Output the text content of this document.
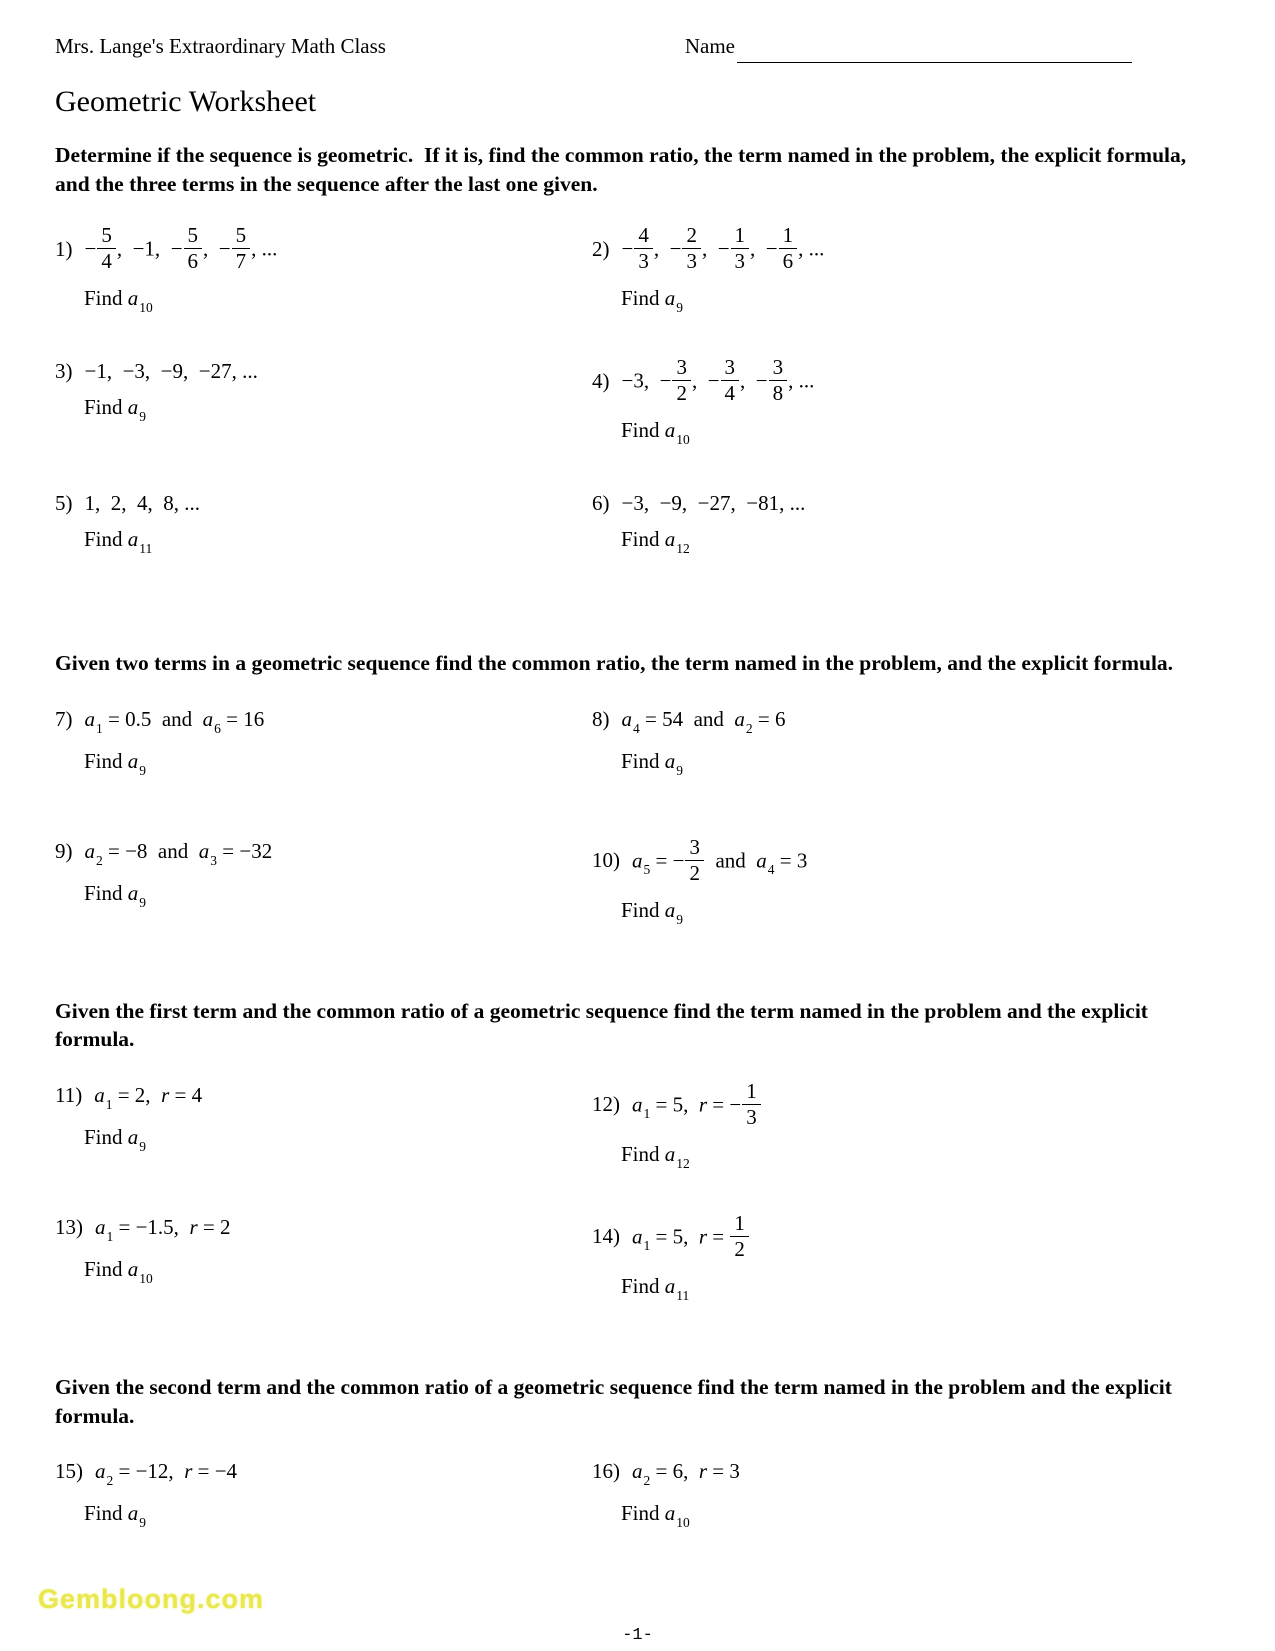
Mrs. Lange's Extraordinary Math Class	Name
Geometric Worksheet
Determine if the sequence is geometric.  If it is, find the common ratio, the term named in the problem, the explicit formula, and the three terms in the sequence after the last one given.
$1) - \frac{5}{4}$ ,  −1,  − $\frac{5}{6}$ ,  − $\frac{5}{7}$ , ...
Find $a_{10}$
$2) - \frac{4}{3}$ ,  − $\frac{2}{3}$ ,  − $\frac{1}{3}$ ,  − $\frac{1}{6}$ , ...
Find $a_9$
3) −1,  −3,  −9,  −27, ...
Find $a_9$
4) −3,  − $\frac{3}{2}$ ,  − $\frac{3}{4}$ ,  − $\frac{3}{8}$ , ...
Find $a_{10}$
5) 1,  2,  4,  8, ...
Find $a_{11}$
6) −3,  −9,  −27,  −81, ...
Find $a_{12}$
Given two terms in a geometric sequence find the common ratio, the term named in the problem, and the explicit formula.
7) $a_1 = 0.5$  and  $a_6 = 16$
Find $a_9$
8) $a_4 = 54$  and  $a_2 = 6$
Find $a_9$
9) $a_2 = -8$  and  $a_3 = -32$
Find $a_9$
10) $a_5$ = − $\frac{3}{2}$ and  $a_4 = 3$
Find $a_9$
Given the first term and the common ratio of a geometric sequence find the term named in the problem and the explicit formula.
11) $a_1 = 2$,  r = 4
Find $a_9$
12) $a_1 = 5$,  r = − $\frac{1}{3}$
Find $a_{12}$
13) $a_1 = -1.5$,  r = 2
Find $a_{10}$
14) $a_1 = 5$,  $r = \frac{1}{2}$
Find $a_{11}$
Given the second term and the common ratio of a geometric sequence find the term named in the problem and the explicit formula.
15) $a_2 = -12$,  r = −4
Find $a_9$
16) $a_2 = 6$,  r = 3
Find $a_{10}$
Gembloong.com
-1-
